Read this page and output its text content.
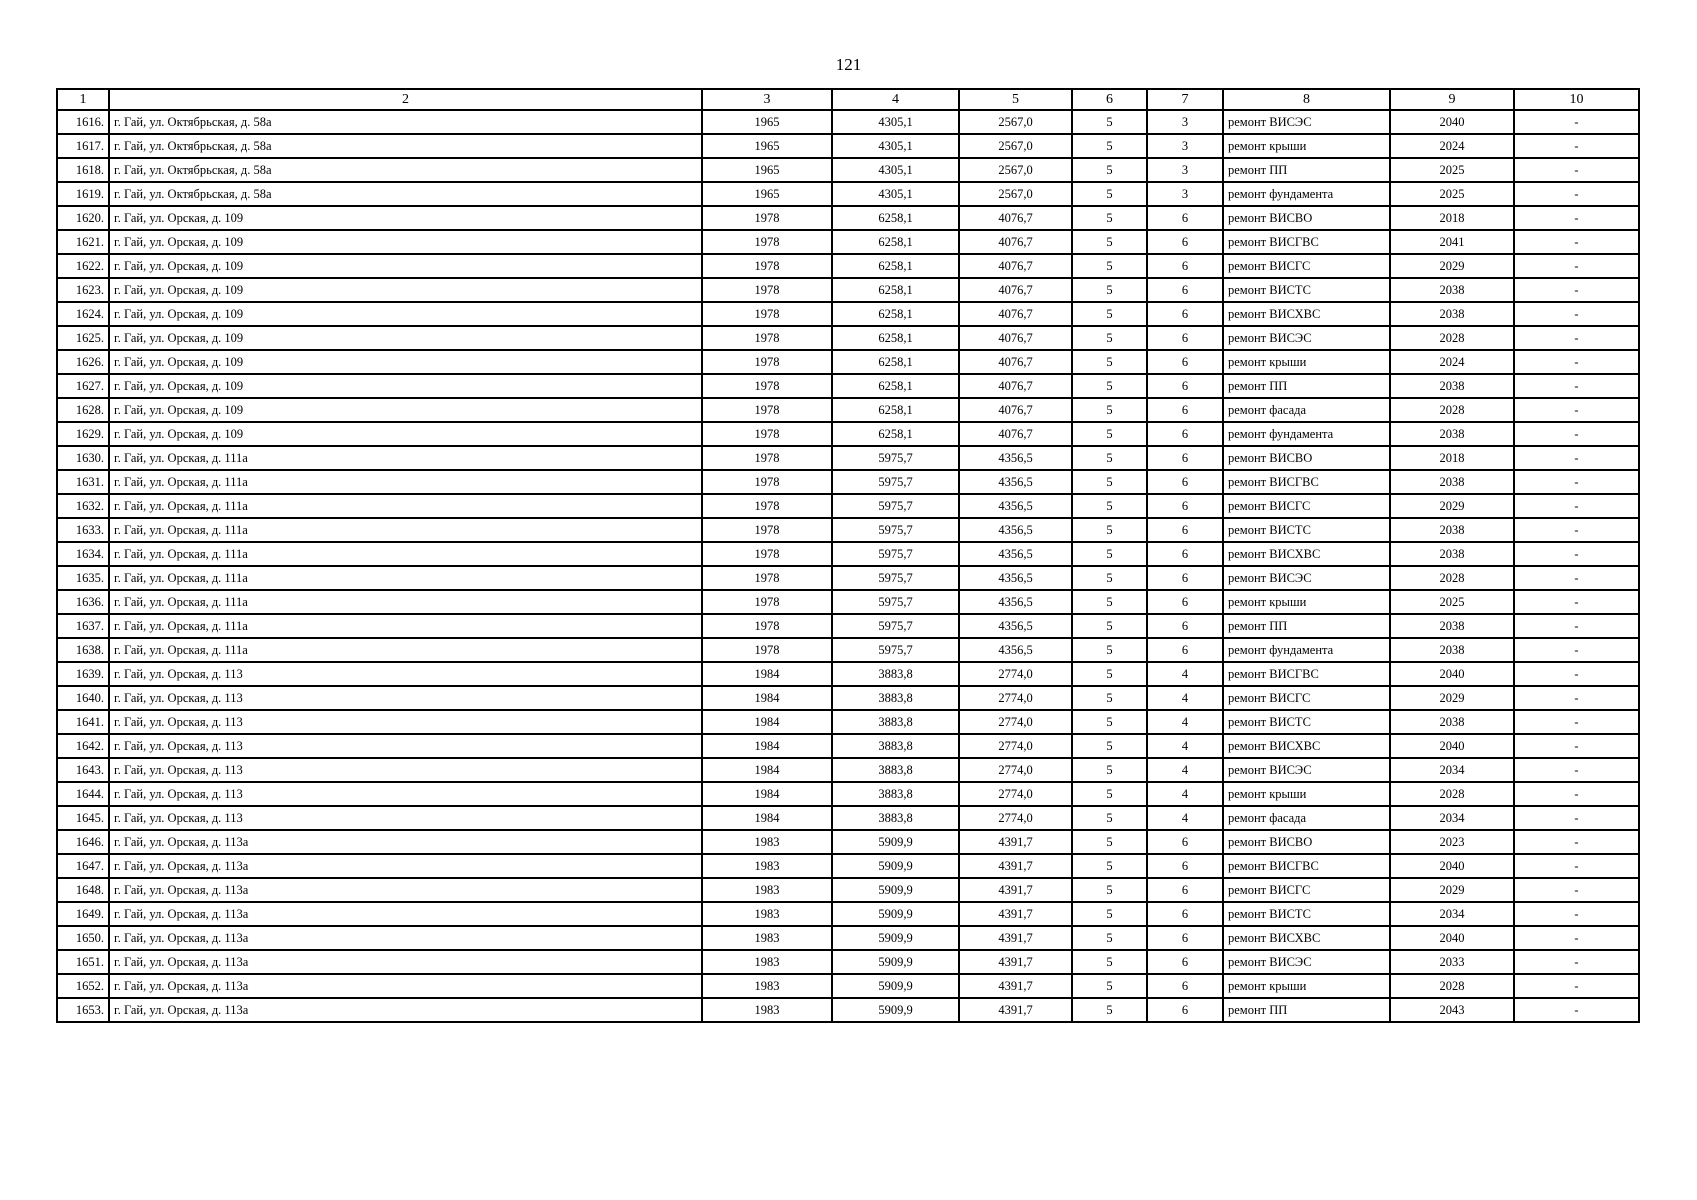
121
1	2	3	4	5	6	7	8	9	10
1616.	г. Гай, ул. Октябрьская, д. 58а	1965	4305,1	2567,0	5	3	ремонт ВИСЭС	2040	-
1617.	г. Гай, ул. Октябрьская, д. 58а	1965	4305,1	2567,0	5	3	ремонт крыши	2024	-
1618.	г. Гай, ул. Октябрьская, д. 58а	1965	4305,1	2567,0	5	3	ремонт ПП	2025	-
1619.	г. Гай, ул. Октябрьская, д. 58а	1965	4305,1	2567,0	5	3	ремонт фундамента	2025	-
1620.	г. Гай, ул. Орская, д. 109	1978	6258,1	4076,7	5	6	ремонт ВИСВО	2018	-
1621.	г. Гай, ул. Орская, д. 109	1978	6258,1	4076,7	5	6	ремонт ВИСГВС	2041	-
1622.	г. Гай, ул. Орская, д. 109	1978	6258,1	4076,7	5	6	ремонт ВИСГС	2029	-
1623.	г. Гай, ул. Орская, д. 109	1978	6258,1	4076,7	5	6	ремонт ВИСТС	2038	-
1624.	г. Гай, ул. Орская, д. 109	1978	6258,1	4076,7	5	6	ремонт ВИСХВС	2038	-
1625.	г. Гай, ул. Орская, д. 109	1978	6258,1	4076,7	5	6	ремонт ВИСЭС	2028	-
1626.	г. Гай, ул. Орская, д. 109	1978	6258,1	4076,7	5	6	ремонт крыши	2024	-
1627.	г. Гай, ул. Орская, д. 109	1978	6258,1	4076,7	5	6	ремонт ПП	2038	-
1628.	г. Гай, ул. Орская, д. 109	1978	6258,1	4076,7	5	6	ремонт фасада	2028	-
1629.	г. Гай, ул. Орская, д. 109	1978	6258,1	4076,7	5	6	ремонт фундамента	2038	-
1630.	г. Гай, ул. Орская, д. 111а	1978	5975,7	4356,5	5	6	ремонт ВИСВО	2018	-
1631.	г. Гай, ул. Орская, д. 111а	1978	5975,7	4356,5	5	6	ремонт ВИСГВС	2038	-
1632.	г. Гай, ул. Орская, д. 111а	1978	5975,7	4356,5	5	6	ремонт ВИСГС	2029	-
1633.	г. Гай, ул. Орская, д. 111а	1978	5975,7	4356,5	5	6	ремонт ВИСТС	2038	-
1634.	г. Гай, ул. Орская, д. 111а	1978	5975,7	4356,5	5	6	ремонт ВИСХВС	2038	-
1635.	г. Гай, ул. Орская, д. 111а	1978	5975,7	4356,5	5	6	ремонт ВИСЭС	2028	-
1636.	г. Гай, ул. Орская, д. 111а	1978	5975,7	4356,5	5	6	ремонт крыши	2025	-
1637.	г. Гай, ул. Орская, д. 111а	1978	5975,7	4356,5	5	6	ремонт ПП	2038	-
1638.	г. Гай, ул. Орская, д. 111а	1978	5975,7	4356,5	5	6	ремонт фундамента	2038	-
1639.	г. Гай, ул. Орская, д. 113	1984	3883,8	2774,0	5	4	ремонт ВИСГВС	2040	-
1640.	г. Гай, ул. Орская, д. 113	1984	3883,8	2774,0	5	4	ремонт ВИСГС	2029	-
1641.	г. Гай, ул. Орская, д. 113	1984	3883,8	2774,0	5	4	ремонт ВИСТС	2038	-
1642.	г. Гай, ул. Орская, д. 113	1984	3883,8	2774,0	5	4	ремонт ВИСХВС	2040	-
1643.	г. Гай, ул. Орская, д. 113	1984	3883,8	2774,0	5	4	ремонт ВИСЭС	2034	-
1644.	г. Гай, ул. Орская, д. 113	1984	3883,8	2774,0	5	4	ремонт крыши	2028	-
1645.	г. Гай, ул. Орская, д. 113	1984	3883,8	2774,0	5	4	ремонт фасада	2034	-
1646.	г. Гай, ул. Орская, д. 113а	1983	5909,9	4391,7	5	6	ремонт ВИСВО	2023	-
1647.	г. Гай, ул. Орская, д. 113а	1983	5909,9	4391,7	5	6	ремонт ВИСГВС	2040	-
1648.	г. Гай, ул. Орская, д. 113а	1983	5909,9	4391,7	5	6	ремонт ВИСГС	2029	-
1649.	г. Гай, ул. Орская, д. 113а	1983	5909,9	4391,7	5	6	ремонт ВИСТС	2034	-
1650.	г. Гай, ул. Орская, д. 113а	1983	5909,9	4391,7	5	6	ремонт ВИСХВС	2040	-
1651.	г. Гай, ул. Орская, д. 113а	1983	5909,9	4391,7	5	6	ремонт ВИСЭС	2033	-
1652.	г. Гай, ул. Орская, д. 113а	1983	5909,9	4391,7	5	6	ремонт крыши	2028	-
1653.	г. Гай, ул. Орская, д. 113а	1983	5909,9	4391,7	5	6	ремонт ПП	2043	-
